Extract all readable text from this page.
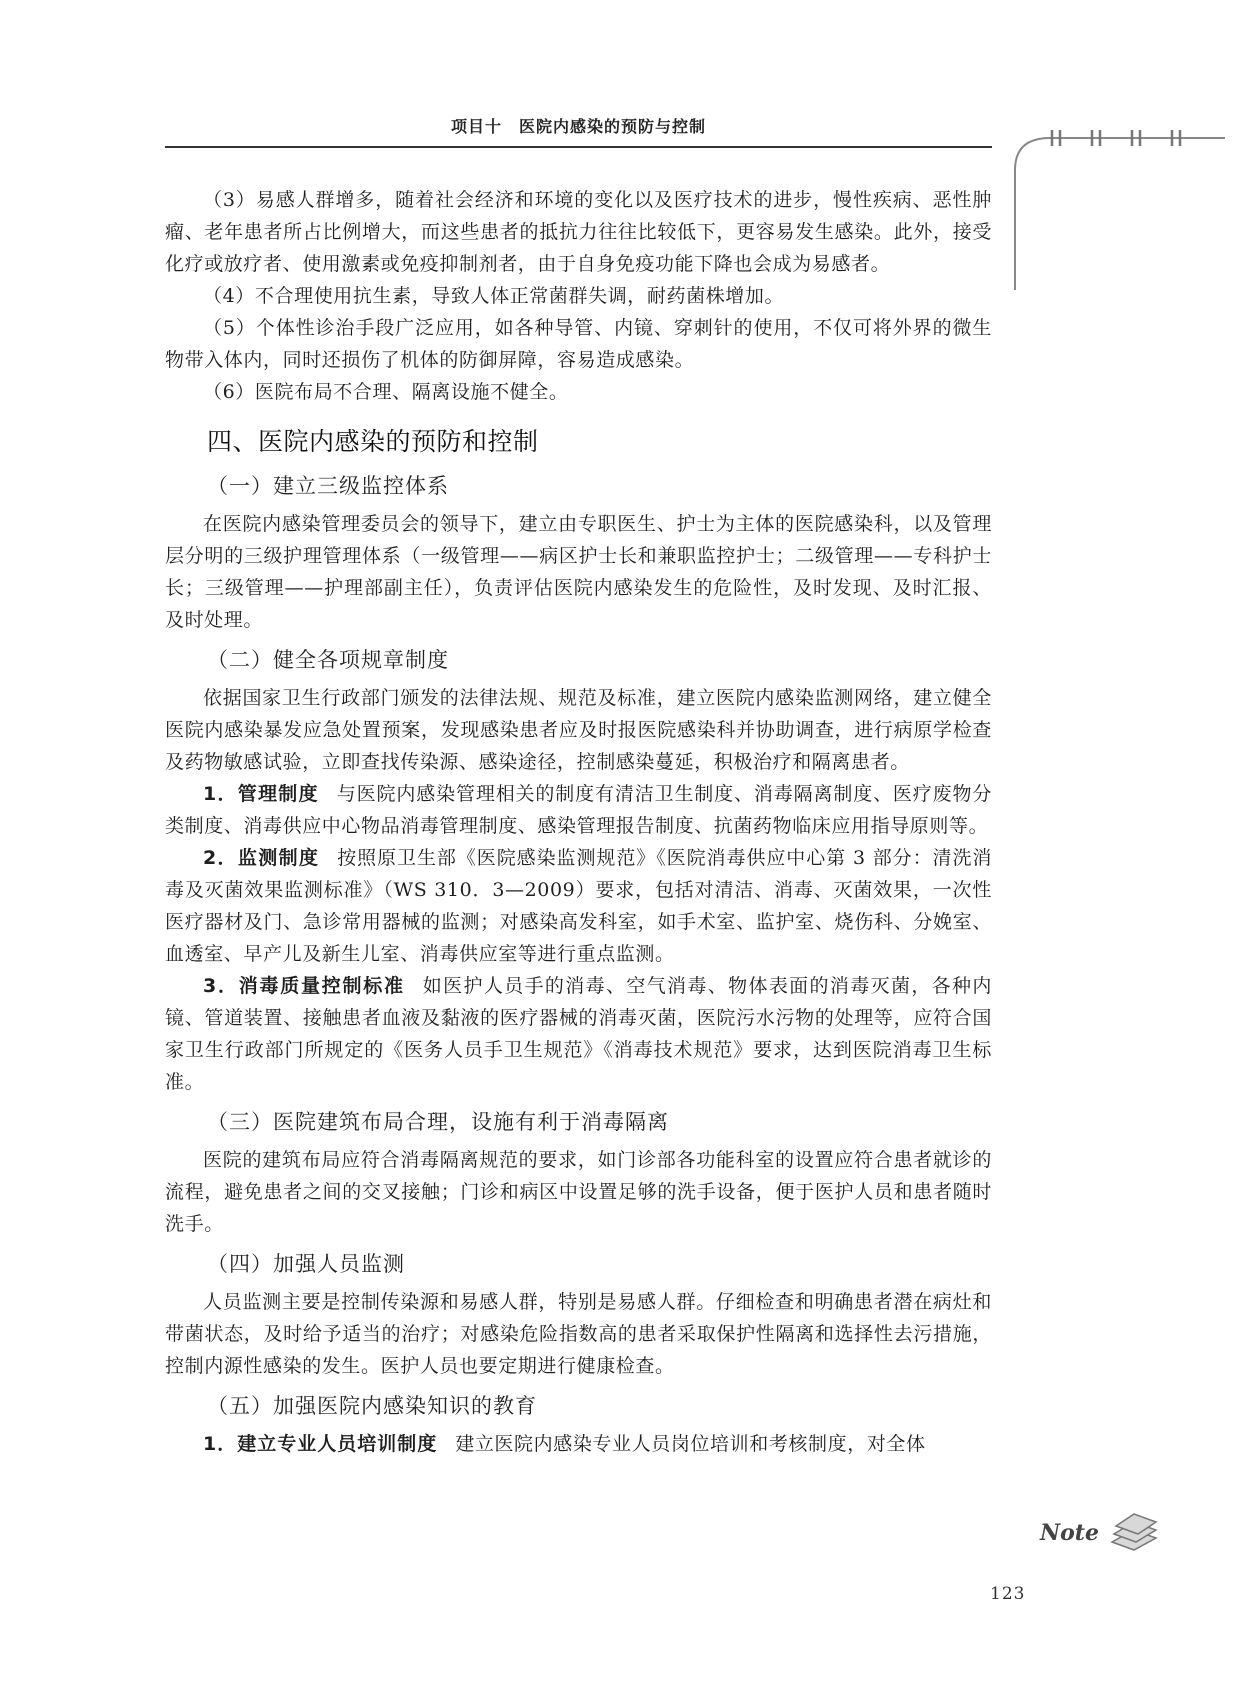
项目十　医院内感染的预防与控制

（3）易感人群增多，随着社会经济和环境的变化以及医疗技术的进步，慢性疾病、恶性肿瘤、老年患者所占比例增大，而这些患者的抵抗力往往比较低下，更容易发生感染。此外，接受化疗或放疗者、使用激素或免疫抑制剂者，由于自身免疫功能下降也会成为易感者。

（4）不合理使用抗生素，导致人体正常菌群失调，耐药菌株增加。

（5）个体性诊治手段广泛应用，如各种导管、内镜、穿刺针的使用，不仅可将外界的微生物带入体内，同时还损伤了机体的防御屏障，容易造成感染。

（6）医院布局不合理、隔离设施不健全。

四、医院内感染的预防和控制
（一）建立三级监控体系

在医院内感染管理委员会的领导下，建立由专职医生、护士为主体的医院感染科，以及管理层分明的三级护理管理体系（一级管理——病区护士长和兼职监控护士；二级管理——专科护士长；三级管理——护理部副主任），负责评估医院内感染发生的危险性，及时发现、及时汇报、及时处理。

（二）健全各项规章制度

依据国家卫生行政部门颁发的法律法规、规范及标准，建立医院内感染监测网络，建立健全医院内感染暴发应急处置预案，发现感染患者应及时报医院感染科并协助调查，进行病原学检查及药物敏感试验，立即查找传染源、感染途径，控制感染蔓延，积极治疗和隔离患者。

1．管理制度 与医院内感染管理相关的制度有清洁卫生制度、消毒隔离制度、医疗废物分类制度、消毒供应中心物品消毒管理制度、感染管理报告制度、抗菌药物临床应用指导原则等。

2．监测制度 按照原卫生部《医院感染监测规范》《医院消毒供应中心第 3 部分：清洗消毒及灭菌效果监测标准》（WS 310．3—2009）要求，包括对清洁、消毒、灭菌效果，一次性医疗器材及门、急诊常用器械的监测；对感染高发科室，如手术室、监护室、烧伤科、分娩室、血透室、早产儿及新生儿室、消毒供应室等进行重点监测。

3．消毒质量控制标准 如医护人员手的消毒、空气消毒、物体表面的消毒灭菌，各种内镜、管道装置、接触患者血液及黏液的医疗器械的消毒灭菌，医院污水污物的处理等，应符合国家卫生行政部门所规定的《医务人员手卫生规范》《消毒技术规范》要求，达到医院消毒卫生标准。

（三）医院建筑布局合理，设施有利于消毒隔离

医院的建筑布局应符合消毒隔离规范的要求，如门诊部各功能科室的设置应符合患者就诊的流程，避免患者之间的交叉接触；门诊和病区中设置足够的洗手设备，便于医护人员和患者随时洗手。

（四）加强人员监测

人员监测主要是控制传染源和易感人群，特别是易感人群。仔细检查和明确患者潜在病灶和带菌状态，及时给予适当的治疗；对感染危险指数高的患者采取保护性隔离和选择性去污措施，控制内源性感染的发生。医护人员也要定期进行健康检查。

（五）加强医院内感染知识的教育

1．建立专业人员培训制度 建立医院内感染专业人员岗位培训和考核制度，对全体

Note
123
